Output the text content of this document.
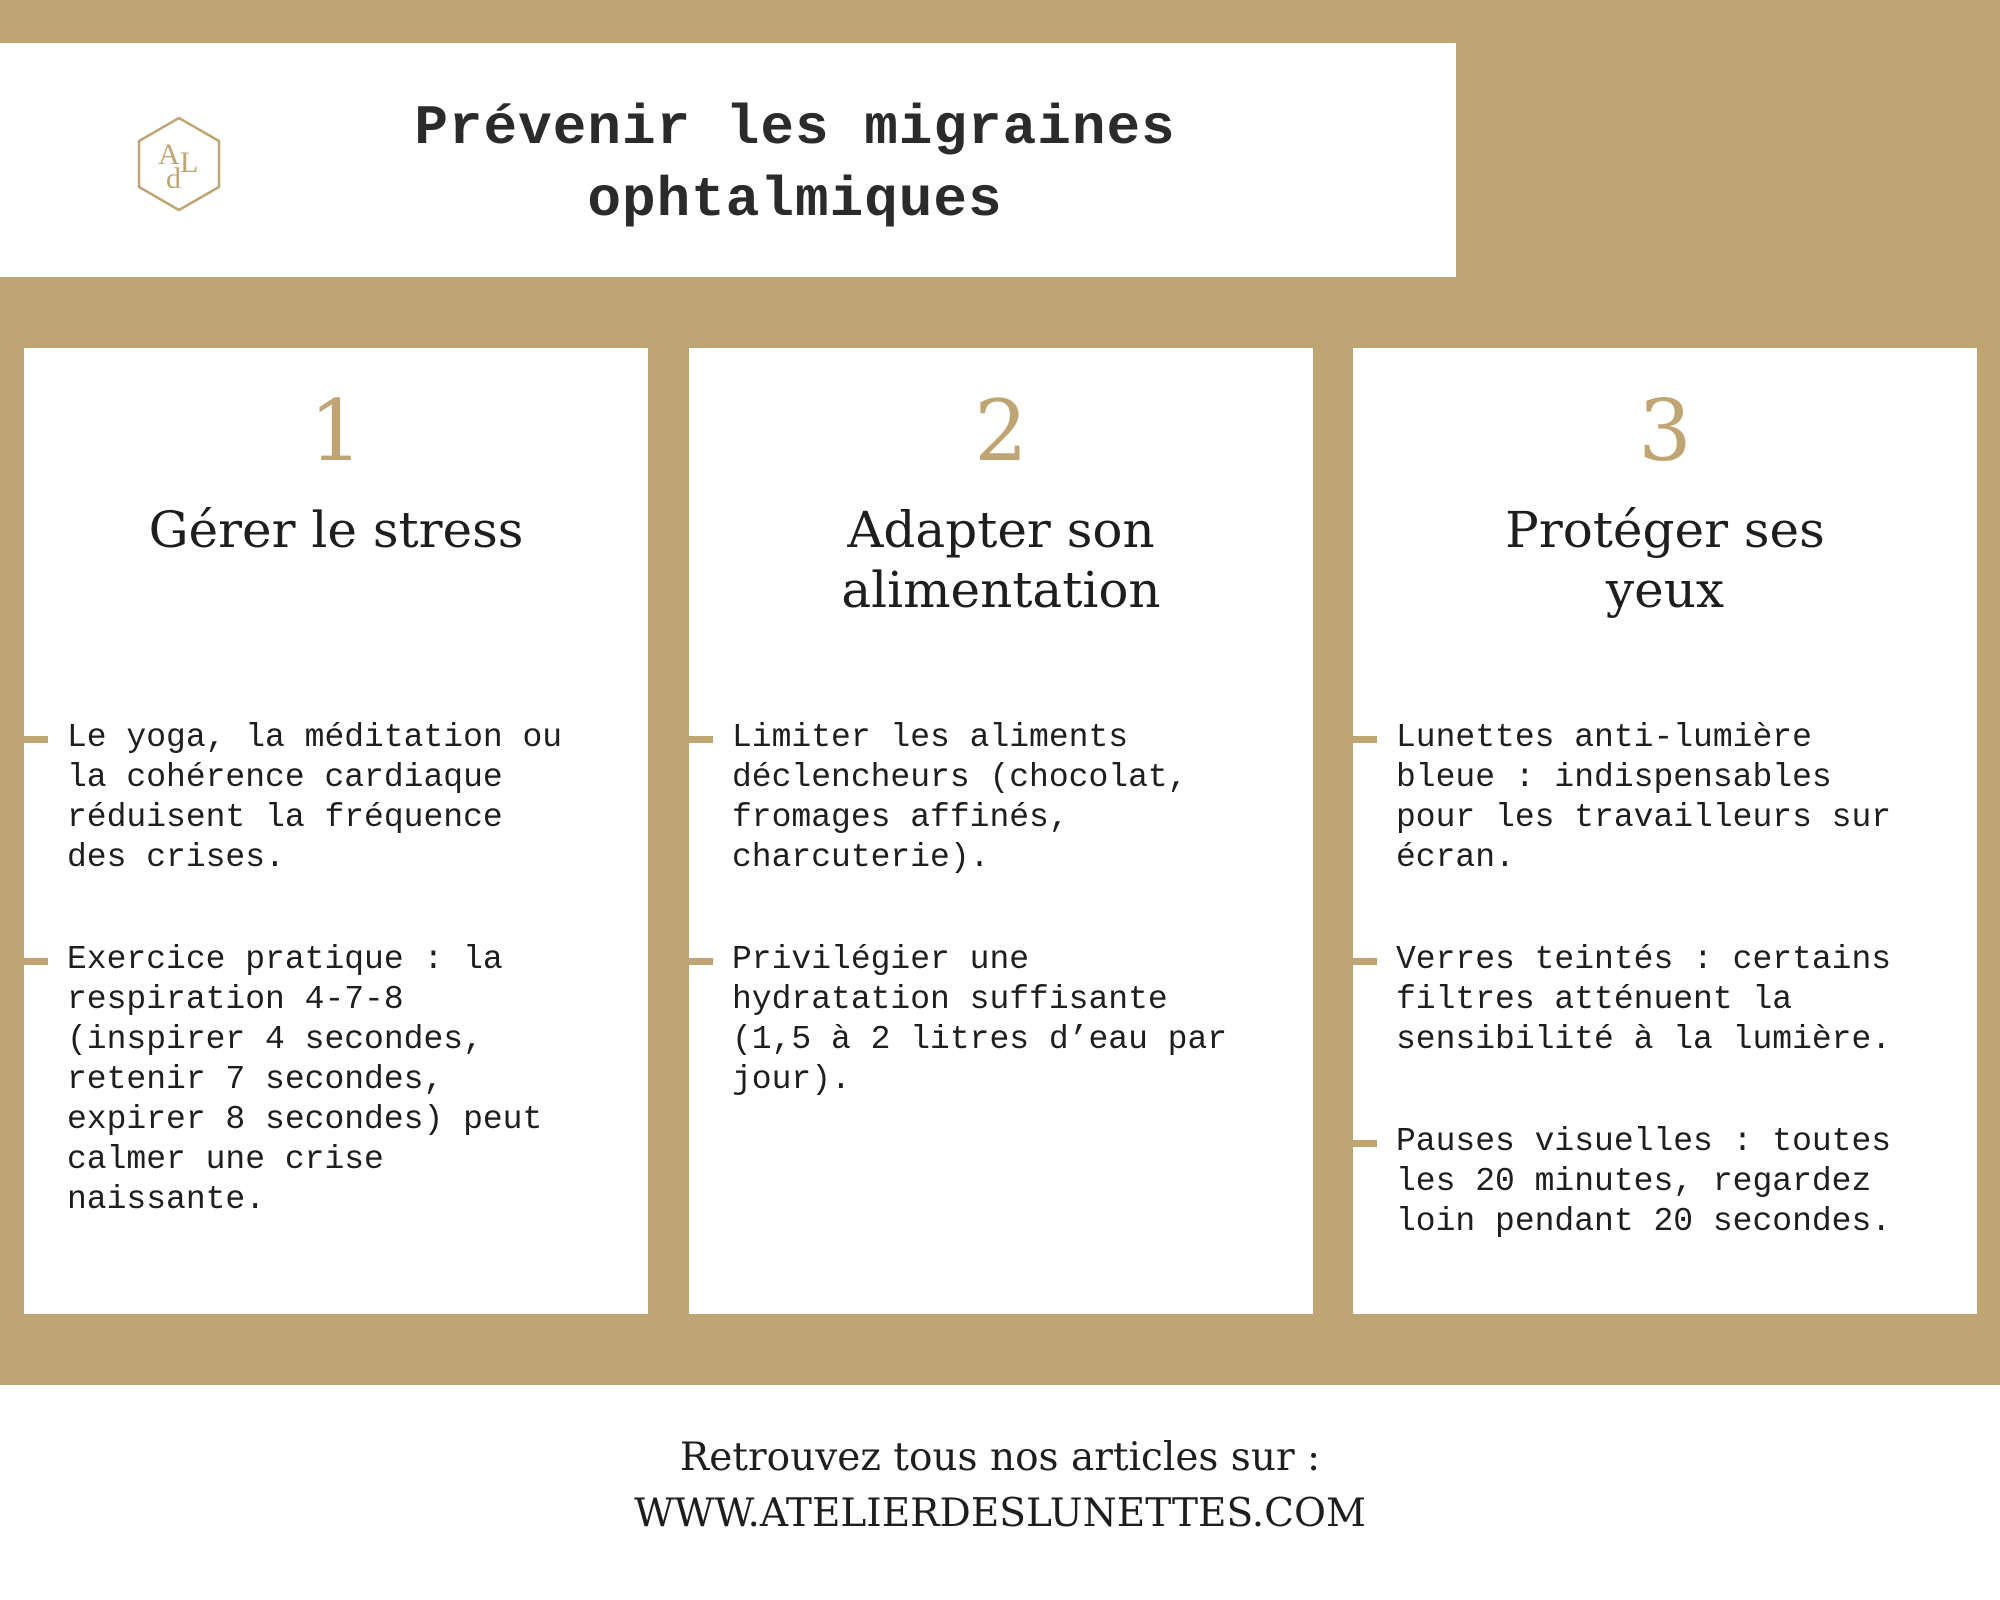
A L
d
Prévenir les migraines
ophtalmiques
1
Gérer le stress
Le yoga, la méditation ou
la cohérence cardiaque
réduisent la fréquence
des crises.
Exercice pratique : la
respiration 4-7-8
(inspirer 4 secondes,
retenir 7 secondes,
expirer 8 secondes) peut
calmer une crise
naissante.
2
Adapter son
alimentation
Limiter les aliments
déclencheurs (chocolat,
fromages affinés,
charcuterie).
Privilégier une
hydratation suffisante
(1,5 à 2 litres d’eau par
jour).
3
Protéger ses
yeux
Lunettes anti-lumière
bleue : indispensables
pour les travailleurs sur
écran.
Verres teintés : certains
filtres atténuent la
sensibilité à la lumière.
Pauses visuelles : toutes
les 20 minutes, regardez
loin pendant 20 secondes.
Retrouvez tous nos articles sur :
WWW.ATELIERDESLUNETTES.COM
